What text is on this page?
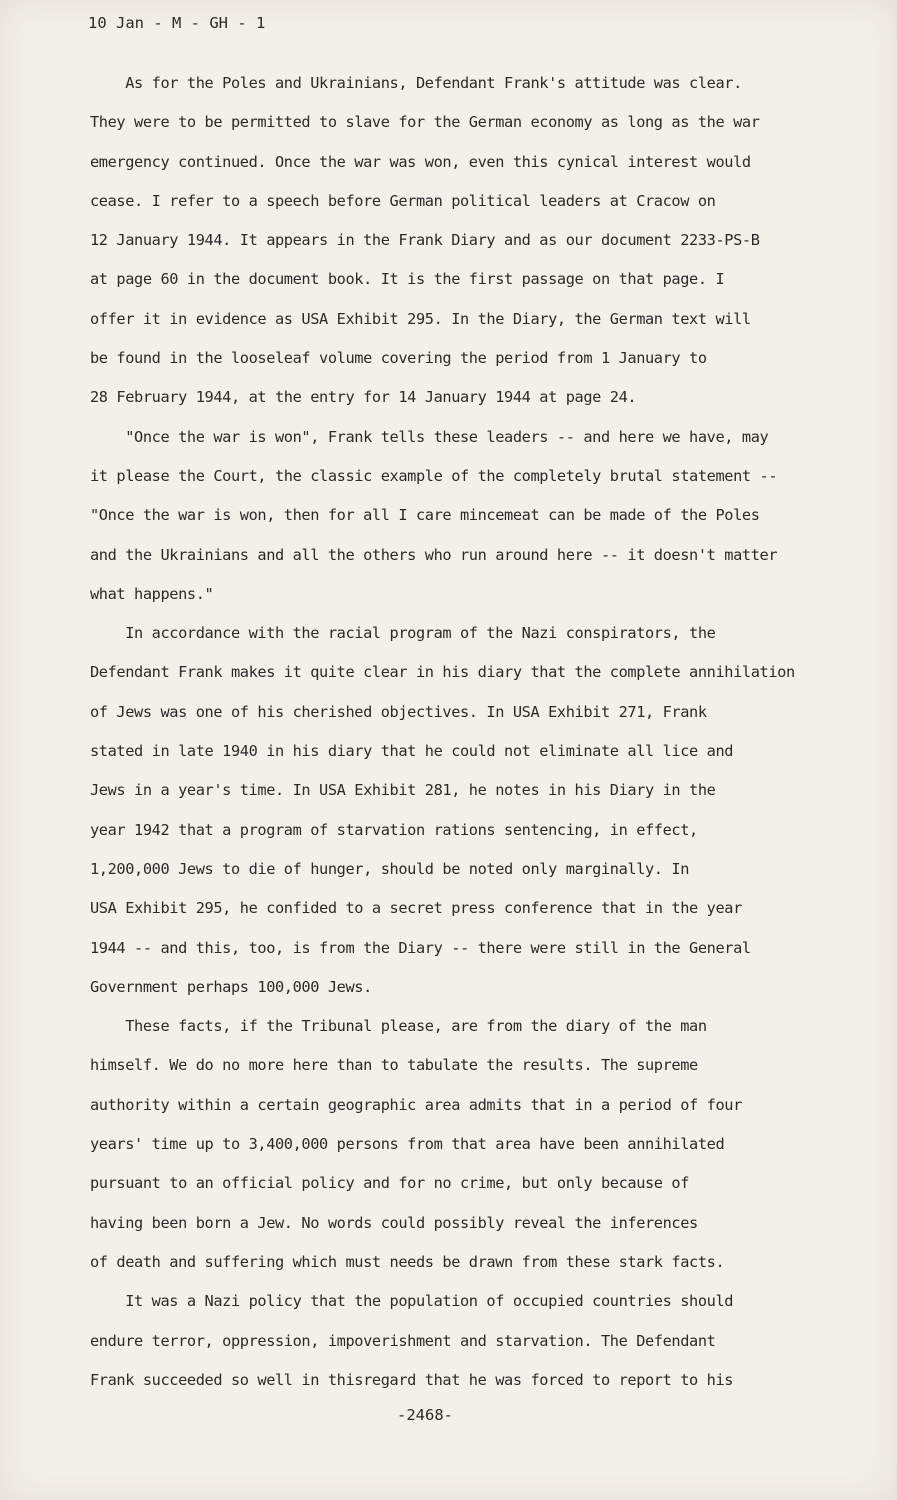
10 Jan - M - GH - 1
As for the Poles and Ukrainians, Defendant Frank's attitude was clear.
They were to be permitted to slave for the German economy as long as the war
emergency continued. Once the war was won, even this cynical interest would
cease. I refer to a speech before German political leaders at Cracow on
12 January 1944. It appears in the Frank Diary and as our document 2233-PS-B
at page 60 in the document book. It is the first passage on that page. I
offer it in evidence as USA Exhibit 295. In the Diary, the German text will
be found in the looseleaf volume covering the period from 1 January to
28 February 1944, at the entry for 14 January 1944 at page 24.
"Once the war is won", Frank tells these leaders -- and here we have, may
it please the Court, the classic example of the completely brutal statement --
"Once the war is won, then for all I care mincemeat can be made of the Poles
and the Ukrainians and all the others who run around here -- it doesn't matter
what happens."
In accordance with the racial program of the Nazi conspirators, the
Defendant Frank makes it quite clear in his diary that the complete annihilation
of Jews was one of his cherished objectives. In USA Exhibit 271, Frank
stated in late 1940 in his diary that he could not eliminate all lice and
Jews in a year's time. In USA Exhibit 281, he notes in his Diary in the
year 1942 that a program of starvation rations sentencing, in effect,
1,200,000 Jews to die of hunger, should be noted only marginally. In
USA Exhibit 295, he confided to a secret press conference that in the year
1944 -- and this, too, is from the Diary -- there were still in the General
Government perhaps 100,000 Jews.
These facts, if the Tribunal please, are from the diary of the man
himself. We do no more here than to tabulate the results. The supreme
authority within a certain geographic area admits that in a period of four
years' time up to 3,400,000 persons from that area have been annihilated
pursuant to an official policy and for no crime, but only because of
having been born a Jew. No words could possibly reveal the inferences
of death and suffering which must needs be drawn from these stark facts.
It was a Nazi policy that the population of occupied countries should
endure terror, oppression, impoverishment and starvation. The Defendant
Frank succeeded so well in thisregard that he was forced to report to his
-2468-
